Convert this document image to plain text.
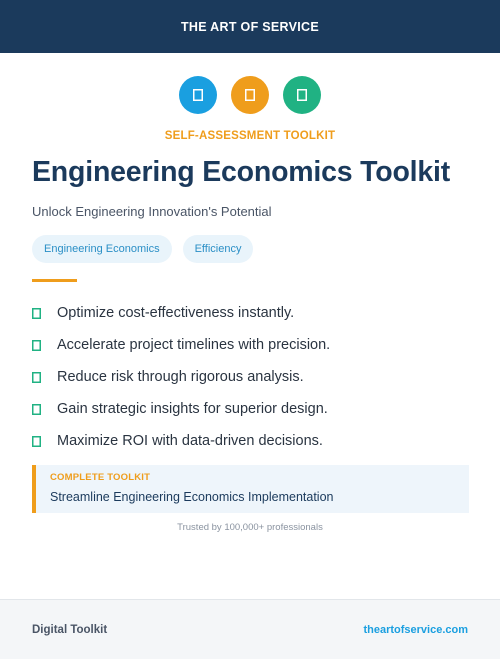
THE ART OF SERVICE
SELF-ASSESSMENT TOOLKIT
Engineering Economics Toolkit
Unlock Engineering Innovation's Potential
Engineering Economics	Efficiency
Optimize cost-effectiveness instantly.
Accelerate project timelines with precision.
Reduce risk through rigorous analysis.
Gain strategic insights for superior design.
Maximize ROI with data-driven decisions.
COMPLETE TOOLKIT
Streamline Engineering Economics Implementation
Trusted by 100,000+ professionals
Digital Toolkit	theartofservice.com
